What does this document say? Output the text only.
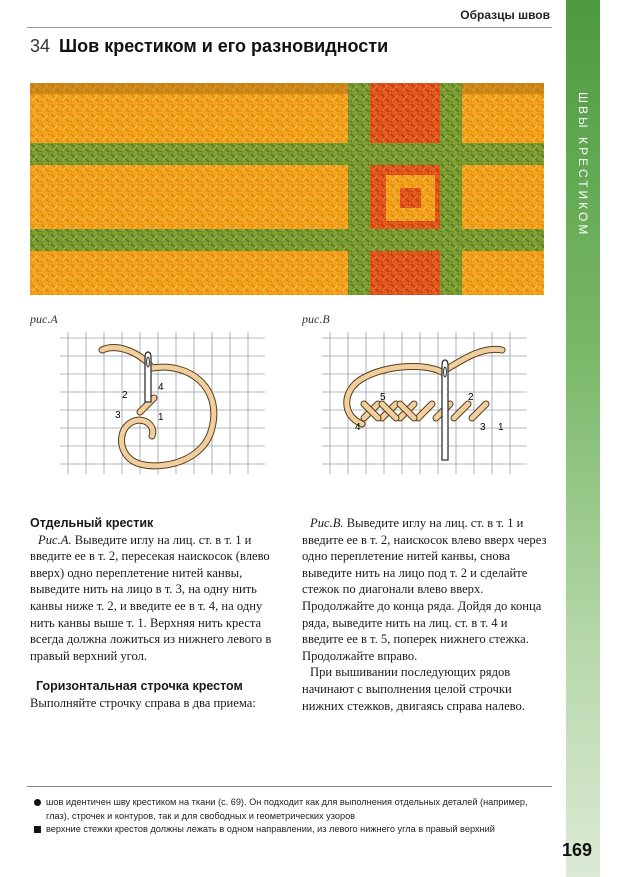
ШВЫ КРЕСТИКОМ
Образцы швов
34 Шов крестиком и его разновидности
рис.А	рис.В
2
4
3	1
4
5	2
3 1
Отдельный крестик

Рис.А. Выведите иглу на лиц. ст. в т. 1 и введите ее в т. 2, пересекая наискосок (влево вверх) одно переплетение нитей канвы, выведите нить на лицо в т. 3, на одну нить канвы ниже т. 2, и введите ее в т. 4, на одну нить канвы выше т. 1. Верхняя нить креста всегда должна ложиться из нижнего левого в правый верхний угол.

Горизонтальная строчка крестом

Выполняйте строчку справа в два приема:

Рис.В. Выведите иглу на лиц. ст. в т. 1 и введите ее в т. 2, наискосок влево вверх через одно переплетение нитей канвы, снова выведите нить на лицо под т. 2 и сделайте стежок по диагонали влево вверх. Продолжайте до конца ряда. Дойдя до конца ряда, выведите нить на лиц. ст. в т. 4 и введите ее в т. 5, поперек нижнего стежка. Продолжайте вправо.

При вышивании последующих рядов начинают с выполнения целой строчки нижних стежков, двигаясь справа налево.

шов идентичен шву крестиком на ткани (с. 69). Он подходит как для выполнения отдельных деталей (например, глаз), строчек и контуров, так и для свободных и геометрических узоров
верхние стежки крестов должны лежать в одном направлении, из левого нижнего угла в правый верхний
169
